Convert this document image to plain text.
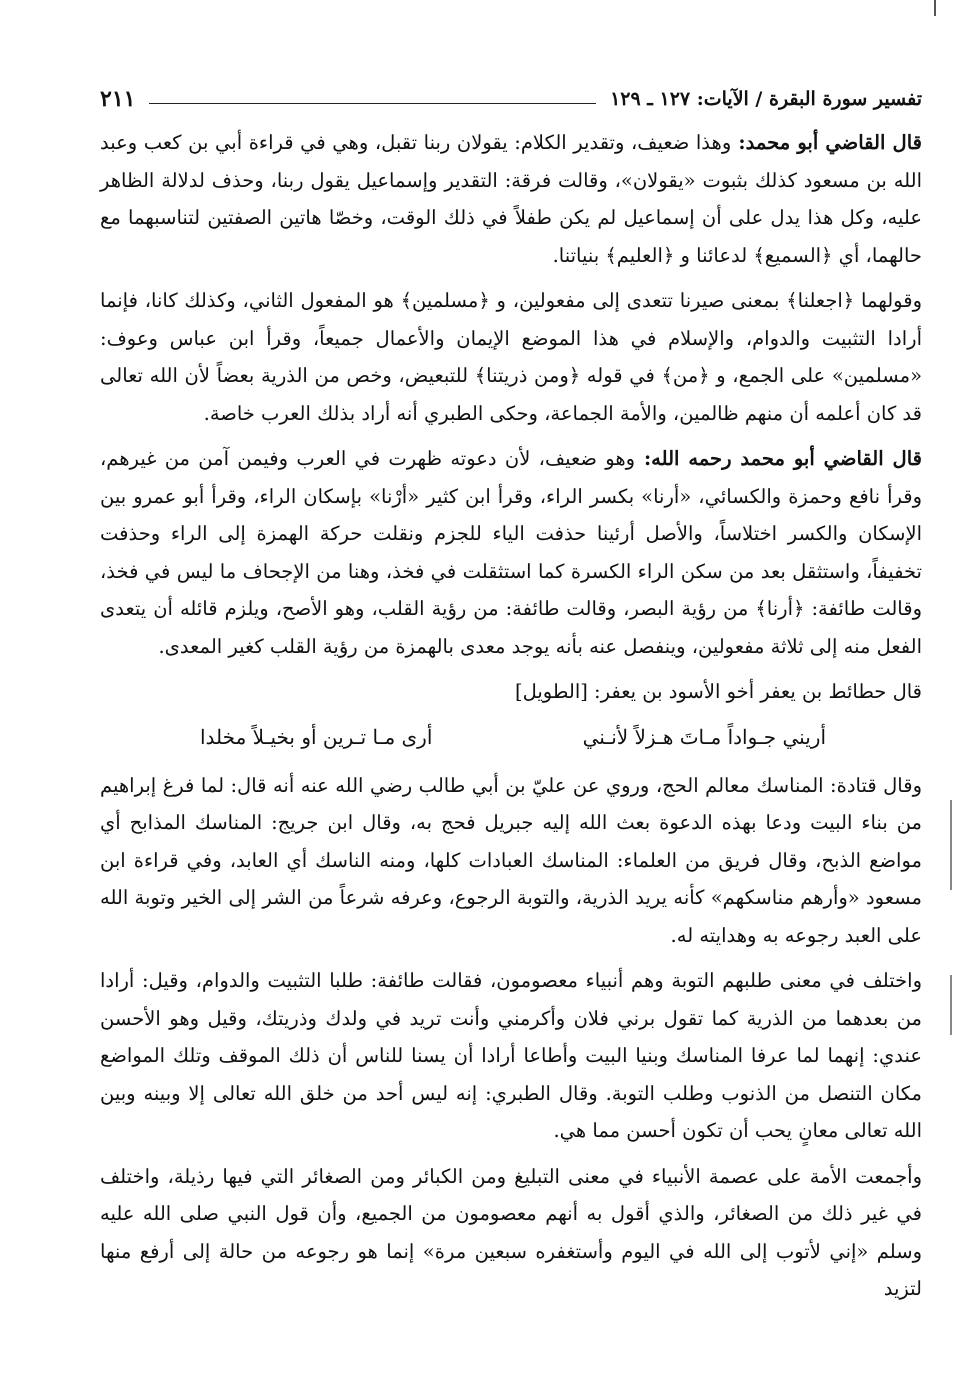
تفسير سورة البقرة / الآيات: ١٢٧ ـ ١٢٩
٢١١

قال القاضي أبو محمد: وهذا ضعيف، وتقدير الكلام: يقولان ربنا تقبل، وهي في قراءة أبي بن كعب وعبد الله بن مسعود كذلك بثبوت «يقولان»، وقالت فرقة: التقدير وإسماعيل يقول ربنا، وحذف لدلالة الظاهر عليه، وكل هذا يدل على أن إسماعيل لم يكن طفلاً في ذلك الوقت، وخصّا هاتين الصفتين لتناسبهما مع حالهما، أي ﴿السميع﴾ لدعائنا و ﴿العليم﴾ بنياتنا.

وقولهما ﴿اجعلنا﴾ بمعنى صيرنا تتعدى إلى مفعولين، و ﴿مسلمين﴾ هو المفعول الثاني، وكذلك كانا، فإنما أرادا التثبيت والدوام، والإسلام في هذا الموضع الإيمان والأعمال جميعاً، وقرأ ابن عباس وعوف: «مسلمين» على الجمع، و ﴿من﴾ في قوله ﴿ومن ذريتنا﴾ للتبعيض، وخص من الذرية بعضاً لأن الله تعالى قد كان أعلمه أن منهم ظالمين، والأمة الجماعة، وحكى الطبري أنه أراد بذلك العرب خاصة.

قال القاضي أبو محمد رحمه الله: وهو ضعيف، لأن دعوته ظهرت في العرب وفيمن آمن من غيرهم، وقرأ نافع وحمزة والكسائي، «أرنا» بكسر الراء، وقرأ ابن كثير «أرْنا» بإسكان الراء، وقرأ أبو عمرو بين الإسكان والكسر اختلاساً، والأصل أرئينا حذفت الياء للجزم ونقلت حركة الهمزة إلى الراء وحذفت تخفيفاً، واستثقل بعد من سكن الراء الكسرة كما استثقلت في فخذ، وهنا من الإجحاف ما ليس في فخذ، وقالت طائفة: ﴿أرنا﴾ من رؤية البصر، وقالت طائفة: من رؤية القلب، وهو الأصح، ويلزم قائله أن يتعدى الفعل منه إلى ثلاثة مفعولين، وينفصل عنه بأنه يوجد معدى بالهمزة من رؤية القلب كغير المعدى.

قال حطائط بن يعفر أخو الأسود بن يعفر: [الطويل]

أريني جـواداً مـاتَ هـزلاً لأنـني
أرى مـا تـرين أو بخيـلاً مخلدا

وقال قتادة: المناسك معالم الحج، وروي عن عليّ بن أبي طالب رضي الله عنه أنه قال: لما فرغ إبراهيم من بناء البيت ودعا بهذه الدعوة بعث الله إليه جبريل فحج به، وقال ابن جريج: المناسك المذابح أي مواضع الذبح، وقال فريق من العلماء: المناسك العبادات كلها، ومنه الناسك أي العابد، وفي قراءة ابن مسعود «وأرهم مناسكهم» كأنه يريد الذرية، والتوبة الرجوع، وعرفه شرعاً من الشر إلى الخير وتوبة الله على العبد رجوعه به وهدايته له.

واختلف في معنى طلبهم التوبة وهم أنبياء معصومون، فقالت طائفة: طلبا التثبيت والدوام، وقيل: أرادا من بعدهما من الذرية كما تقول برني فلان وأكرمني وأنت تريد في ولدك وذريتك، وقيل وهو الأحسن عندي: إنهما لما عرفا المناسك وبنيا البيت وأطاعا أرادا أن يسنا للناس أن ذلك الموقف وتلك المواضع مكان التنصل من الذنوب وطلب التوبة. وقال الطبري: إنه ليس أحد من خلق الله تعالى إلا وبينه وبين الله تعالى معانٍ يحب أن تكون أحسن مما هي.

وأجمعت الأمة على عصمة الأنبياء في معنى التبليغ ومن الكبائر ومن الصغائر التي فيها رذيلة، واختلف في غير ذلك من الصغائر، والذي أقول به أنهم معصومون من الجميع، وأن قول النبي صلى الله عليه وسلم «إني لأتوب إلى الله في اليوم وأستغفره سبعين مرة» إنما هو رجوعه من حالة إلى أرفع منها لتزيد
